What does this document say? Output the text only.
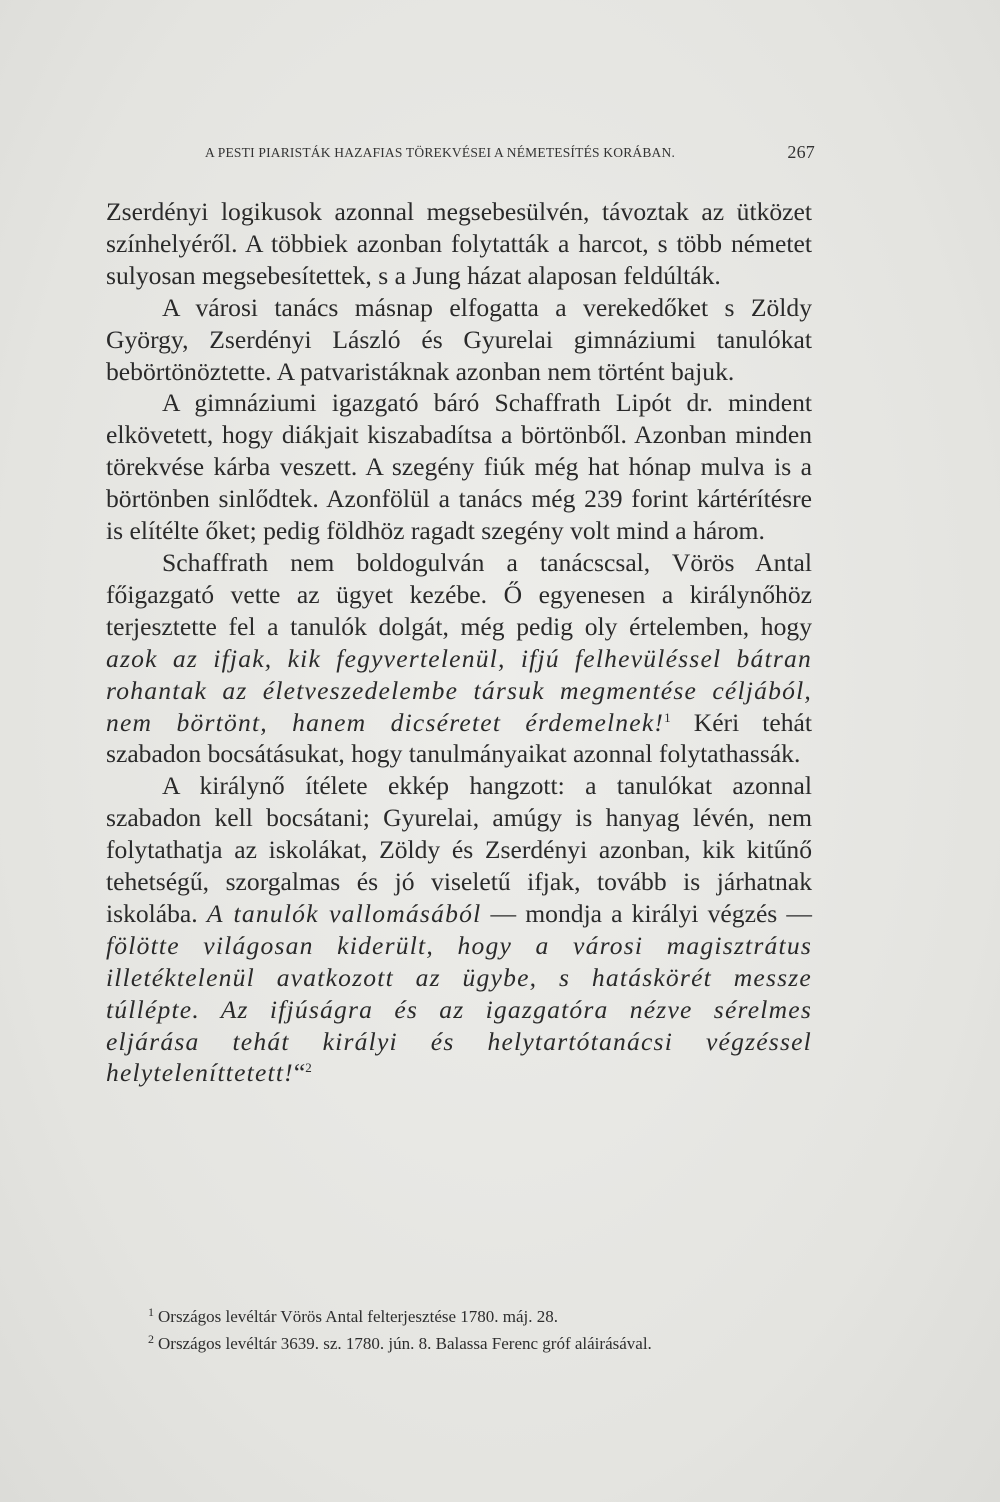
A PESTI PIARISTÁK HAZAFIAS TÖREKVÉSEI A NÉMETESÍTÉS KORÁBAN.	267

Zserdényi logikusok azonnal megsebesülvén, távoztak az ütközet színhelyéről. A többiek azonban folytatták a harcot, s több németet sulyosan megsebesítettek, s a Jung házat alaposan feldúlták.

A városi tanács másnap elfogatta a verekedőket s Zöldy György, Zserdényi László és Gyurelai gimnáziumi tanulókat bebörtönöztette. A patvaristáknak azonban nem történt bajuk.

A gimnáziumi igazgató báró Schaffrath Lipót dr. mindent elkövetett, hogy diákjait kiszabadítsa a börtönből. Azonban minden törekvése kárba veszett. A szegény fiúk még hat hónap mulva is a börtönben sinlődtek. Azonfölül a tanács még 239 forint kártérítésre is elítélte őket; pedig földhöz ragadt szegény volt mind a három.

Schaffrath nem boldogulván a tanácscsal, Vörös Antal főigazgató vette az ügyet kezébe. Ő egyenesen a királynőhöz terjesztette fel a tanulók dolgát, még pedig oly értelemben, hogy azok az ifjak, kik fegyvertelenül, ifjú felhevüléssel bátran rohantak az életveszedelembe társuk megmentése céljából, nem börtönt, hanem dicséretet érdemelnek!$^1$ Kéri tehát szabadon bocsátásukat, hogy tanulmányaikat azonnal folytathassák.

A királynő ítélete ekkép hangzott: a tanulókat azonnal szabadon kell bocsátani; Gyurelai, amúgy is hanyag lévén, nem folytathatja az iskolákat, Zöldy és Zserdényi azonban, kik kitűnő tehetségű, szorgalmas és jó viseletű ifjak, tovább is járhatnak iskolába. A tanulók vallomásából — mondja a királyi végzés — fölötte világosan kiderült, hogy a városi magisztrátus illetéktelenül avatkozott az ügybe, s hatáskörét messze túllépte. Az ifjúságra és az igazgatóra nézve sérelmes eljárása tehát királyi és helytartótanácsi végzéssel helyteleníttetett!“$^2$

$^1$ Országos levéltár Vörös Antal felterjesztése 1780. máj. 28.
$^2$ Országos levéltár 3639. sz. 1780. jún. 8. Balassa Ferenc gróf aláirásával.
